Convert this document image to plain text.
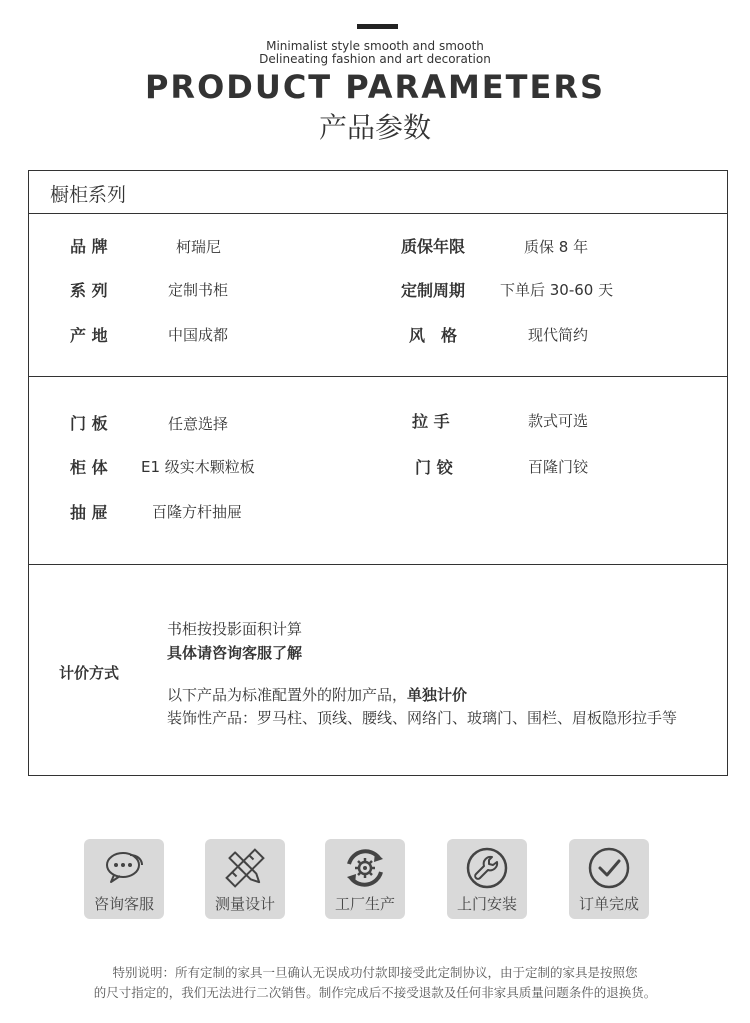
Minimalist style smooth and smooth
Delineating fashion and art decoration
PRODUCT PARAMETERS
产品参数
橱柜系列
品 牌	柯瑞尼	质保年限	质保 8 年
系 列	定制书柜	定制周期 下单后 30-60 天
产 地	中国成都	风　格	现代简约
门 板	任意选择	拉 手	款式可选
柜 体 E1 级实木颗粒板	门 铰	百隆门铰
抽 屉	百隆方杆抽屉
计价方式
书柜按投影面积计算
具体请咨询客服了解
以下产品为标准配置外的附加产品，单独计价
装饰性产品：罗马柱、顶线、腰线、网络门、玻璃门、围栏、眉板隐形拉手等
咨询客服	测量设计	工厂生产	上门安装	订单完成
特别说明：所有定制的家具一旦确认无误成功付款即接受此定制协议，由于定制的家具是按照您
的尺寸指定的，我们无法进行二次销售。制作完成后不接受退款及任何非家具质量问题条件的退换货。
